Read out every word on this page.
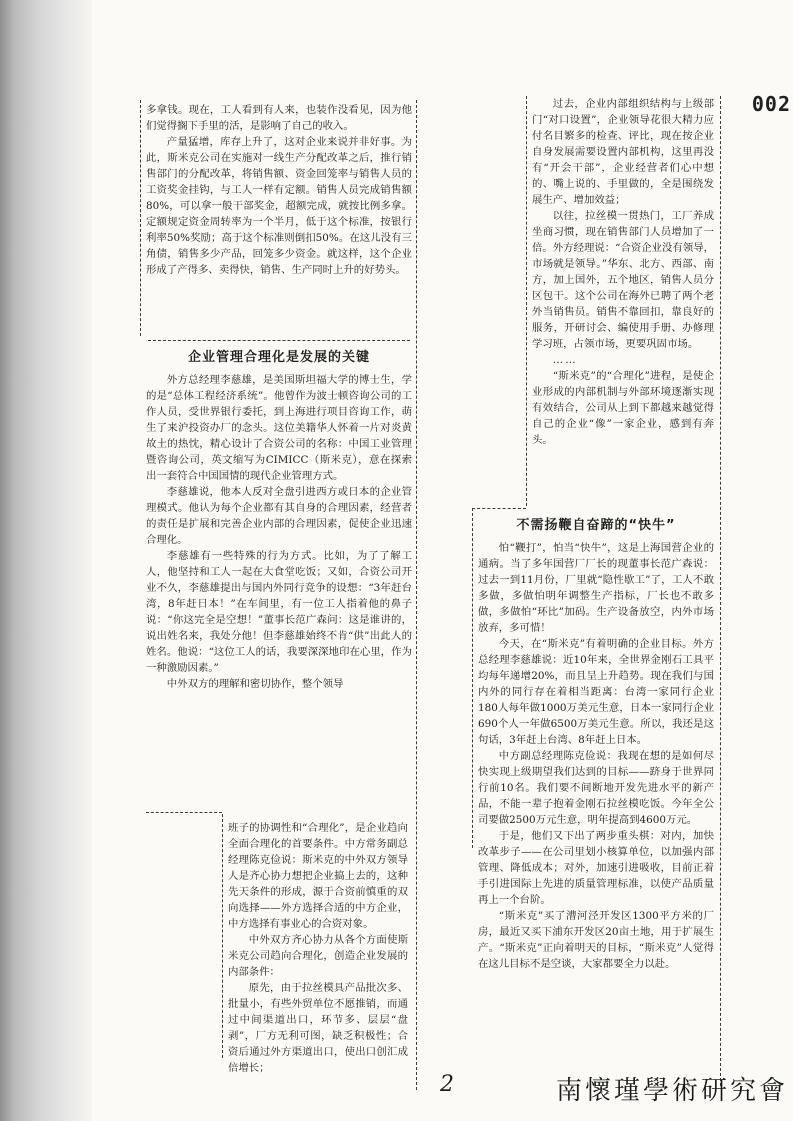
002

多拿钱。现在，工人看到有人来，也装作没看见，因为他们觉得搁下手里的活，是影响了自己的收入。

产量猛增，库存上升了，这对企业来说并非好事。为此，斯米克公司在实施对一线生产分配改革之后，推行销售部门的分配改革，将销售额、资金回笼率与销售人员的工资奖金挂钩，与工人一样有定额。销售人员完成销售额80%，可以拿一般干部奖金，超额完成，就按比例多拿。定额规定资金周转率为一个半月，低于这个标准，按银行利率50%奖励；高于这个标准则倒扣50%。在这儿没有三角债，销售多少产品，回笼多少资金。就这样，这个企业形成了产得多、卖得快，销售、生产同时上升的好势头。

企业管理合理化是发展的关键

外方总经理李慈雄，是美国斯坦福大学的博士生，学的是“总体工程经济系统”。他曾作为波士顿咨询公司的工作人员，受世界银行委托，到上海进行项目咨询工作，萌生了来沪投资办厂的念头。这位美籍华人怀着一片对炎黄故土的热忱，精心设计了合资公司的名称：中国工业管理暨咨询公司，英文缩写为CIMICC（斯米克），意在探索出一套符合中国国情的现代企业管理方式。

李慈雄说，他本人反对全盘引进西方或日本的企业管理模式。他认为每个企业都有其自身的合理因素，经营者的责任是扩展和完善企业内部的合理因素，促使企业迅速合理化。

李慈雄有一些特殊的行为方式。比如，为了了解工人，他坚持和工人一起在大食堂吃饭；又如，合资公司开业不久，李慈雄提出与国内外同行竞争的设想：“3年赶台湾，8年赶日本！”在车间里，有一位工人指着他的鼻子说：“你这完全是空想！”董事长范广森问：这是谁讲的，说出姓名来，我处分他！但李慈雄始终不肯“供”出此人的姓名。他说：“这位工人的话，我要深深地印在心里，作为一种激励因素。”

中外双方的理解和密切协作，整个领导

班子的协调性和“合理化”，是企业趋向全面合理化的首要条件。中方常务副总经理陈克俭说：斯米克的中外双方领导人是齐心协力想把企业搞上去的，这种先天条件的形成，源于合资前慎重的双向选择——外方选择合适的中方企业，中方选择有事业心的合资对象。

中外双方齐心协力从各个方面使斯米克公司趋向合理化，创造企业发展的内部条件：

原先，由于拉丝模具产品批次多、批量小，有些外贸单位不愿推销，而通过中间渠道出口，环节多、层层“盘剥”，厂方无利可图，缺乏积极性；合资后通过外方渠道出口，使出口创汇成倍增长；

过去，企业内部组织结构与上级部门“对口设置”，企业领导花很大精力应付名目繁多的检查、评比，现在按企业自身发展需要设置内部机构，这里再没有“开会干部”，企业经营者们心中想的、嘴上说的、手里做的，全是围绕发展生产、增加效益；

以往，拉丝模一贯热门，工厂养成坐商习惯，现在销售部门人员增加了一倍。外方经理说：“合资企业没有领导，市场就是领导。”华东、北方、西部、南方，加上国外，五个地区，销售人员分区包干。这个公司在海外已聘了两个老外当销售员。销售不靠回扣，靠良好的服务，开研讨会、编使用手册、办修理学习班，占领市场，更要巩固市场。

……

“斯米克”的“合理化”进程，是使企业形成的内部机制与外部环境逐渐实现有效结合，公司从上到下都越来越觉得自己的企业“像”一家企业，感到有奔头。

不需扬鞭自奋蹄的“快牛”

怕“鞭打”，怕当“快牛”，这是上海国营企业的通病。当了多年国营厂厂长的现董事长范广森说：过去一到11月份，厂里就“隐性歇工”了，工人不敢多做，多做怕明年调整生产指标，厂长也不敢多做，多做怕“环比”加码。生产设备放空，内外市场放弃，多可惜！

今天，在“斯米克”有着明确的企业目标。外方总经理李慈雄说：近10年来，全世界金刚石工具平均每年递增20%，而且呈上升趋势。现在我们与国内外的同行存在着相当距离：台湾一家同行企业180人每年做1000万美元生意，日本一家同行企业690个人一年做6500万美元生意。所以，我还是这句话，3年赶上台湾、8年赶上日本。

中方副总经理陈克俭说：我现在想的是如何尽快实现上级期望我们达到的目标——跻身于世界同行前10名。我们要不间断地开发先进水平的新产品，不能一辈子抱着金刚石拉丝模吃饭。今年全公司要做2500万元生意，明年提高到4600万元。

于是，他们又下出了两步重头棋：对内，加快改革步子——在公司里划小核算单位，以加强内部管理、降低成本；对外，加速引进吸收，目前正着手引进国际上先进的质量管理标准，以使产品质量再上一个台阶。

“斯米克”买了漕河泾开发区1300平方米的厂房，最近又买下浦东开发区20亩土地，用于扩展生产。“斯米克”正向着明天的目标，“斯米克”人觉得在这儿目标不是空谈，大家都要全力以赴。

2	南懷瑾學術研究會
